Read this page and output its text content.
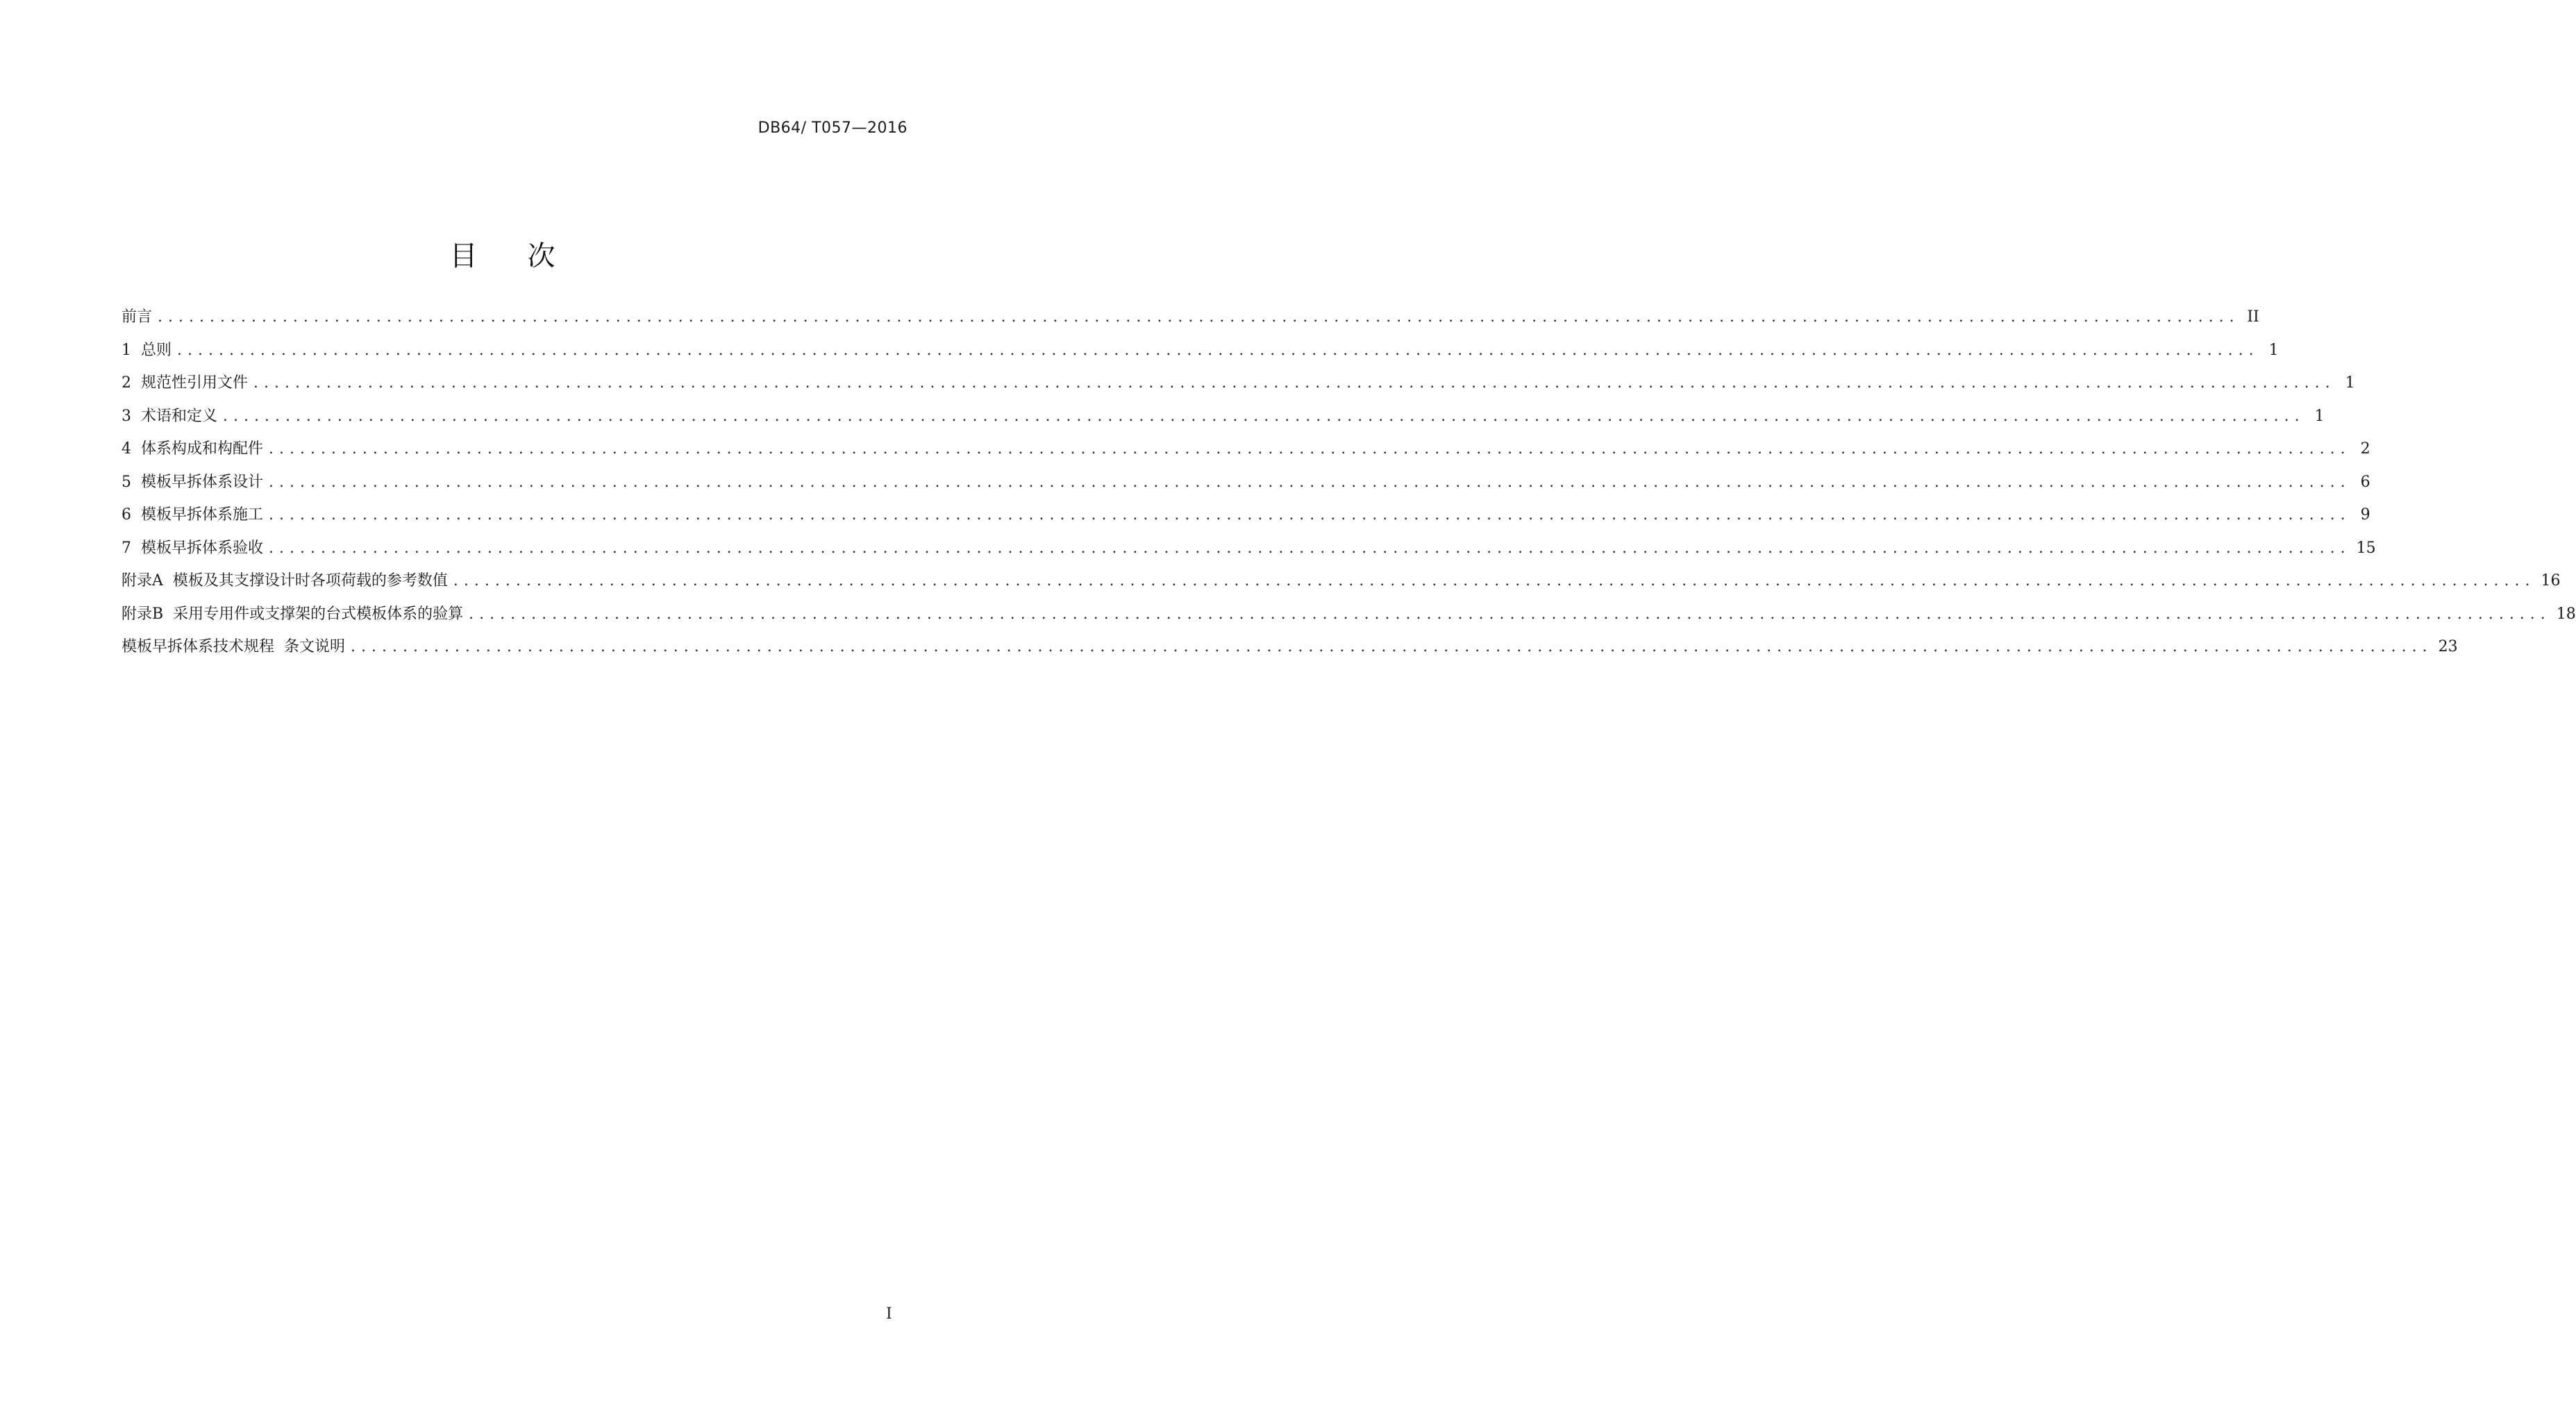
DB64/ T057—2016
目次
前言 ........................................................................................................................................................................................................ II
1  总则 ........................................................................................................................................................................................................ 1
2  规范性引用文件 ........................................................................................................................................................................................................ 1
3  术语和定义 ........................................................................................................................................................................................................ 1
4  体系构成和构配件 ........................................................................................................................................................................................................ 2
5  模板早拆体系设计 ........................................................................................................................................................................................................ 6
6  模板早拆体系施工 ........................................................................................................................................................................................................ 9
7  模板早拆体系验收 ........................................................................................................................................................................................................ 15
附录A  模板及其支撑设计时各项荷载的参考数值 ........................................................................................................................................................................................................ 16
附录B  采用专用件或支撑架的台式模板体系的验算 ........................................................................................................................................................................................................ 18
模板早拆体系技术规程  条文说明 ........................................................................................................................................................................................................ 23
I
